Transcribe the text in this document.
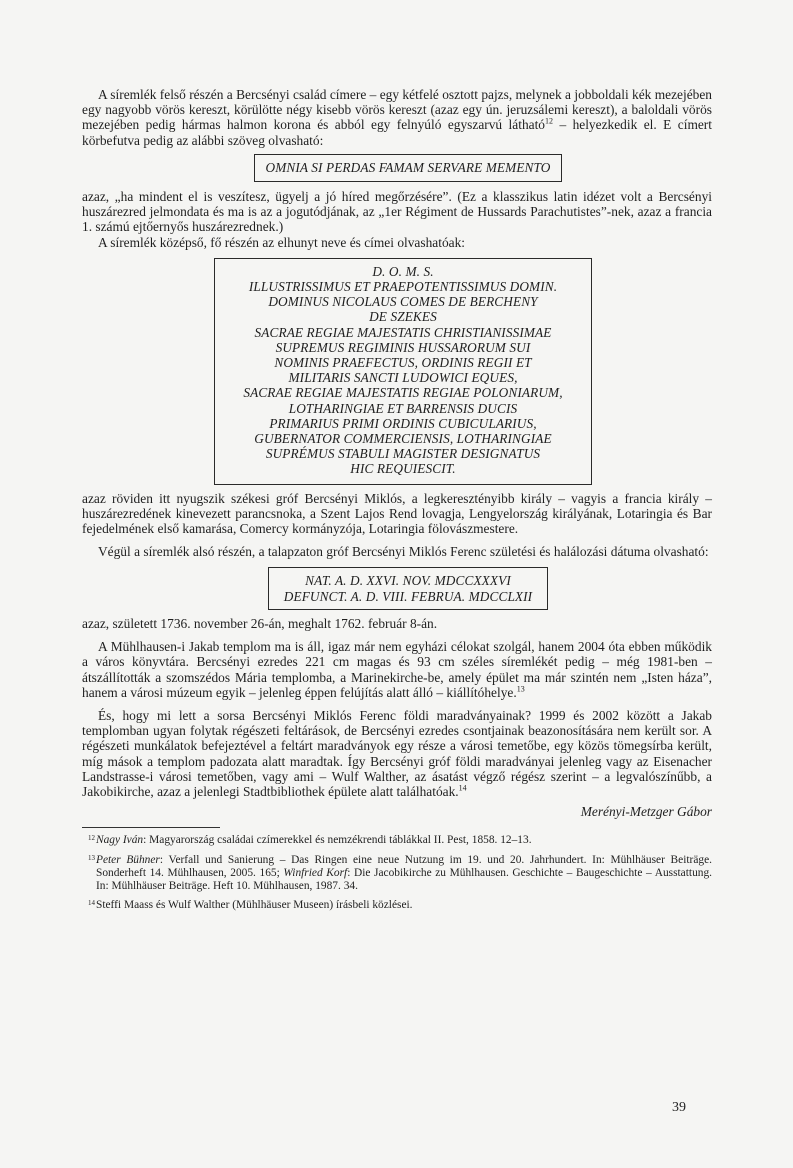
A síremlék felső részén a Bercsényi család címere – egy kétfelé osztott pajzs, melynek a jobboldali kék mezejében egy nagyobb vörös kereszt, körülötte négy kisebb vörös kereszt (azaz egy ún. jeruzsálemi kereszt), a baloldali vörös mezejében pedig hármas halmon korona és abból egy felnyúló egyszarvú látható$^{12}$ – helyezkedik el. E címert körbefutva pedig az alábbi szöveg olvasható:

OMNIA SI PERDAS FAMAM SERVARE MEMENTO

azaz, „ha mindent el is veszítesz, ügyelj a jó híred megőrzésére”. (Ez a klasszikus latin idézet volt a Bercsényi huszárezred jelmondata és ma is az a jogutódjának, az „1er Régiment de Hussards Parachutistes”-nek, azaz a francia 1. számú ejtőernyős huszárezrednek.)

A síremlék középső, fő részén az elhunyt neve és címei olvashatóak:

D. O. M. S.
ILLUSTRISSIMUS ET PRAEPOTENTISSIMUS DOMIN.
DOMINUS NICOLAUS COMES DE BERCHENY
DE SZEKES
SACRAE REGIAE MAJESTATIS CHRISTIANISSIMAE
SUPREMUS REGIMINIS HUSSARORUM SUI
NOMINIS PRAEFECTUS, ORDINIS REGII ET
MILITARIS SANCTI LUDOWICI EQUES,
SACRAE REGIAE MAJESTATIS REGIAE POLONIARUM,
LOTHARINGIAE ET BARRENSIS DUCIS
PRIMARIUS PRIMI ORDINIS CUBICULARIUS,
GUBERNATOR COMMERCIENSIS, LOTHARINGIAE
SUPRÉMUS STABULI MAGISTER DESIGNATUS
HIC REQUIESCIT.

azaz röviden itt nyugszik székesi gróf Bercsényi Miklós, a legkeresztényibb király – vagyis a francia király – huszárezredének kinevezett parancsnoka, a Szent Lajos Rend lovagja, Lengyelország királyának, Lotaringia és Bar fejedelmének első kamarása, Comercy kormányzója, Lotaringia fölovászmestere.

Végül a síremlék alsó részén, a talapzaton gróf Bercsényi Miklós Ferenc születési és halálozási dátuma olvasható:

NAT. A. D. XXVI. NOV. MDCCXXXVI
DEFUNCT. A. D. VIII. FEBRUA. MDCCLXII

azaz, született 1736. november 26-án, meghalt 1762. február 8-án.

A Mühlhausen-i Jakab templom ma is áll, igaz már nem egyházi célokat szolgál, hanem 2004 óta ebben működik a város könyvtára. Bercsényi ezredes 221 cm magas és 93 cm széles síremlékét pedig – még 1981-ben – átszállították a szomszédos Mária templomba, a Marinekirche-be, amely épület ma már szintén nem „Isten háza”, hanem a városi múzeum egyik – jelenleg éppen felújítás alatt álló – kiállítóhelye.$^{13}$

És, hogy mi lett a sorsa Bercsényi Miklós Ferenc földi maradványainak? 1999 és 2002 között a Jakab templomban ugyan folytak régészeti feltárások, de Bercsényi ezredes csontjainak beazonosítására nem került sor. A régészeti munkálatok befejeztével a feltárt maradványok egy része a városi temetőbe, egy közös tömegsírba került, míg mások a templom padozata alatt maradtak. Így Bercsényi gróf földi maradványai jelenleg vagy az Eisenacher Landstrasse-i városi temetőben, vagy ami – Wulf Walther, az ásatást végző régész szerint – a legvalószínűbb, a Jakobikirche, azaz a jelenlegi Stadtbibliothek épülete alatt találhatóak.$^{14}$

Merényi-Metzger Gábor

12 Nagy Iván: Magyarország családai czímerekkel és nemzékrendi táblákkal II. Pest, 1858. 12–13.
13 Peter Bühner: Verfall und Sanierung – Das Ringen eine neue Nutzung im 19. und 20. Jahrhundert. In: Mühlhäuser Beiträge. Sonderheft 14. Mühlhausen, 2005. 165; Winfried Korf: Die Jacobikirche zu Mühlhausen. Geschichte – Baugeschichte – Ausstattung. In: Mühlhäuser Beiträge. Heft 10. Mühlhausen, 1987. 34.
14 Steffi Maass és Wulf Walther (Mühlhäuser Museen) írásbeli közlései.
39
